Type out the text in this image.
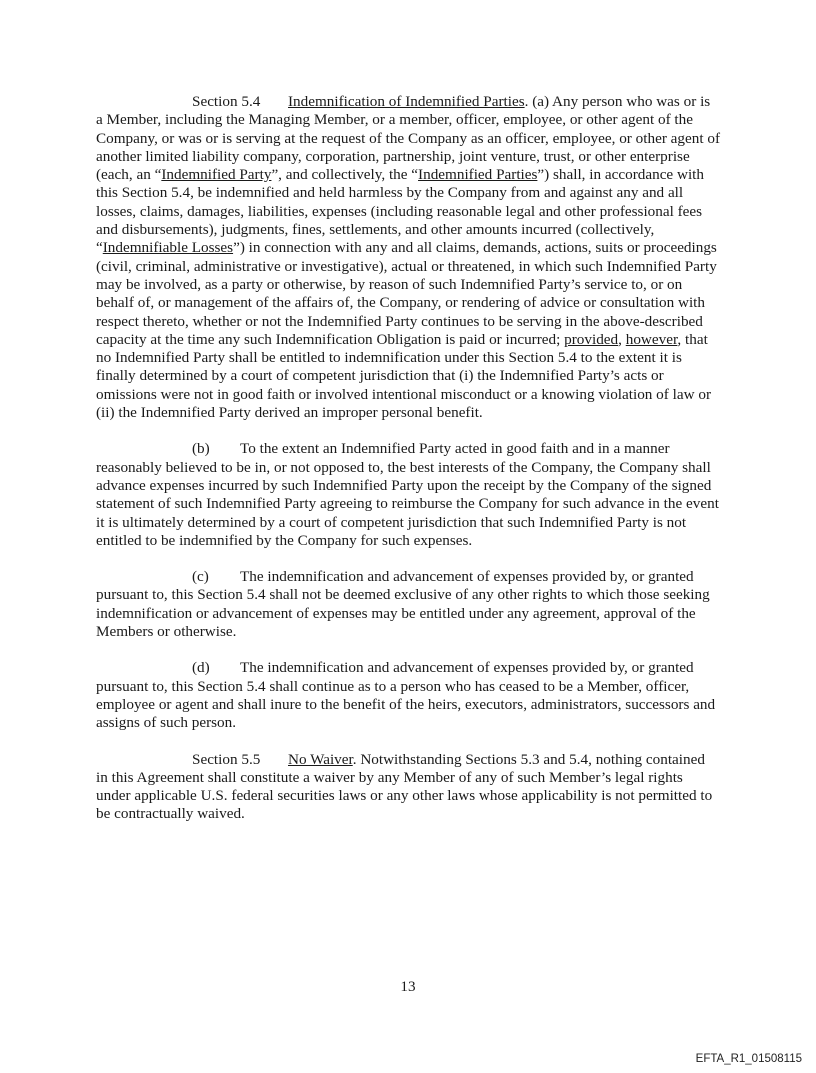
Section 5.4 Indemnification of Indemnified Parties. (a) Any person who was or is a Member, including the Managing Member, or a member, officer, employee, or other agent of the Company, or was or is serving at the request of the Company as an officer, employee, or other agent of another limited liability company, corporation, partnership, joint venture, trust, or other enterprise (each, an “Indemnified Party”, and collectively, the “Indemnified Parties”) shall, in accordance with this Section 5.4, be indemnified and held harmless by the Company from and against any and all losses, claims, damages, liabilities, expenses (including reasonable legal and other professional fees and disbursements), judgments, fines, settlements, and other amounts incurred (collectively, “Indemnifiable Losses”) in connection with any and all claims, demands, actions, suits or proceedings (civil, criminal, administrative or investigative), actual or threatened, in which such Indemnified Party may be involved, as a party or otherwise, by reason of such Indemnified Party’s service to, or on behalf of, or management of the affairs of, the Company, or rendering of advice or consultation with respect thereto, whether or not the Indemnified Party continues to be serving in the above-described capacity at the time any such Indemnification Obligation is paid or incurred; provided, however, that no Indemnified Party shall be entitled to indemnification under this Section 5.4 to the extent it is finally determined by a court of competent jurisdiction that (i) the Indemnified Party’s acts or omissions were not in good faith or involved intentional misconduct or a knowing violation of law or (ii) the Indemnified Party derived an improper personal benefit.

(b) To the extent an Indemnified Party acted in good faith and in a manner reasonably believed to be in, or not opposed to, the best interests of the Company, the Company shall advance expenses incurred by such Indemnified Party upon the receipt by the Company of the signed statement of such Indemnified Party agreeing to reimburse the Company for such advance in the event it is ultimately determined by a court of competent jurisdiction that such Indemnified Party is not entitled to be indemnified by the Company for such expenses.

(c) The indemnification and advancement of expenses provided by, or granted pursuant to, this Section 5.4 shall not be deemed exclusive of any other rights to which those seeking indemnification or advancement of expenses may be entitled under any agreement, approval of the Members or otherwise.

(d) The indemnification and advancement of expenses provided by, or granted pursuant to, this Section 5.4 shall continue as to a person who has ceased to be a Member, officer, employee or agent and shall inure to the benefit of the heirs, executors, administrators, successors and assigns of such person.

Section 5.5 No Waiver. Notwithstanding Sections 5.3 and 5.4, nothing contained in this Agreement shall constitute a waiver by any Member of any of such Member’s legal rights under applicable U.S. federal securities laws or any other laws whose applicability is not permitted to be contractually waived.

13
EFTA_R1_01508115
